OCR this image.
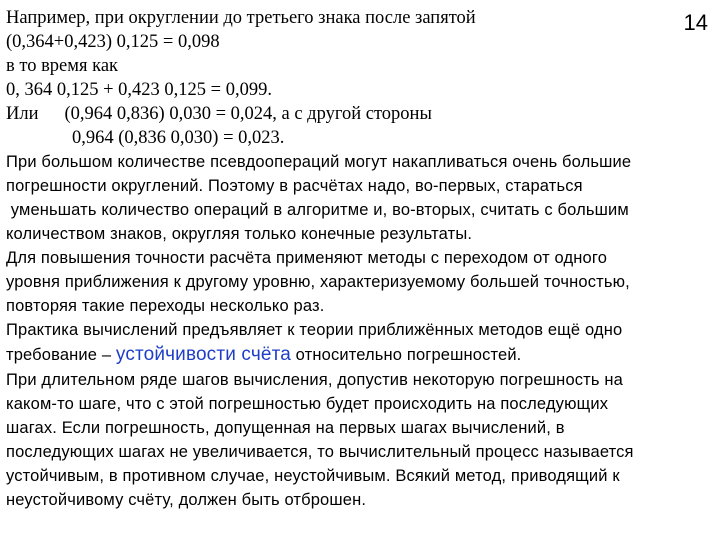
14
Например, при округлении до третьего знака после запятой
(0,364+0,423) 0,125 = 0,098
в то время как
0, 364 0,125 + 0,423 0,125 = 0,099.
Или (0,964 0,836) 0,030 = 0,024, а с другой стороны
0,964 (0,836 0,030) = 0,023.
При большом количестве псевдоопераций могут накапливаться очень большие
погрешности округлений. Поэтому в расчётах надо, во-первых, стараться
уменьшать количество операций в алгоритме и, во-вторых, считать с большим
количеством знаков, округляя только конечные результаты.
Для повышения точности расчёта применяют методы с переходом от одного
уровня приближения к другому уровню, характеризуемому большей точностью,
повторяя такие переходы несколько раз.
Практика вычислений предъявляет к теории приближённых методов ещё одно
требование – устойчивости счёта относительно погрешностей.
При длительном ряде шагов вычисления, допустив некоторую погрешность на
каком-то шаге, что с этой погрешностью будет происходить на последующих
шагах. Если погрешность, допущенная на первых шагах вычислений, в
последующих шагах не увеличивается, то вычислительный процесс называется
устойчивым, в противном случае, неустойчивым. Всякий метод, приводящий к
неустойчивому счёту, должен быть отброшен.
